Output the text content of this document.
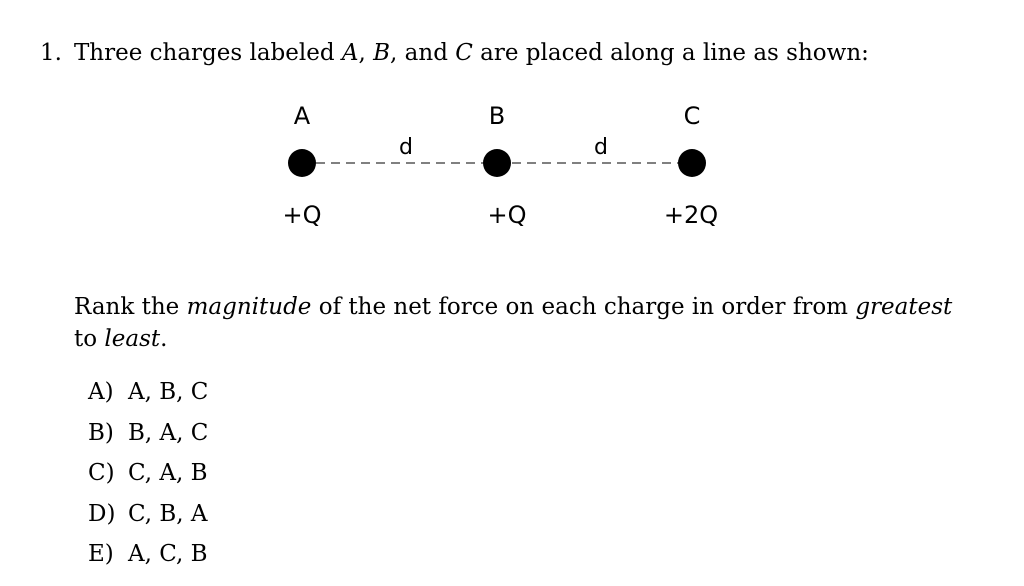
1. Three charges labeled A, B, and C are placed along a line as shown:
d	d
A	B	C
+Q	+Q	+2Q
Rank the magnitude of the net force on each charge in order from greatest to least.
A) A, B, C
B) B, A, C
C) C, A, B
D) C, B, A
E) A, C, B
